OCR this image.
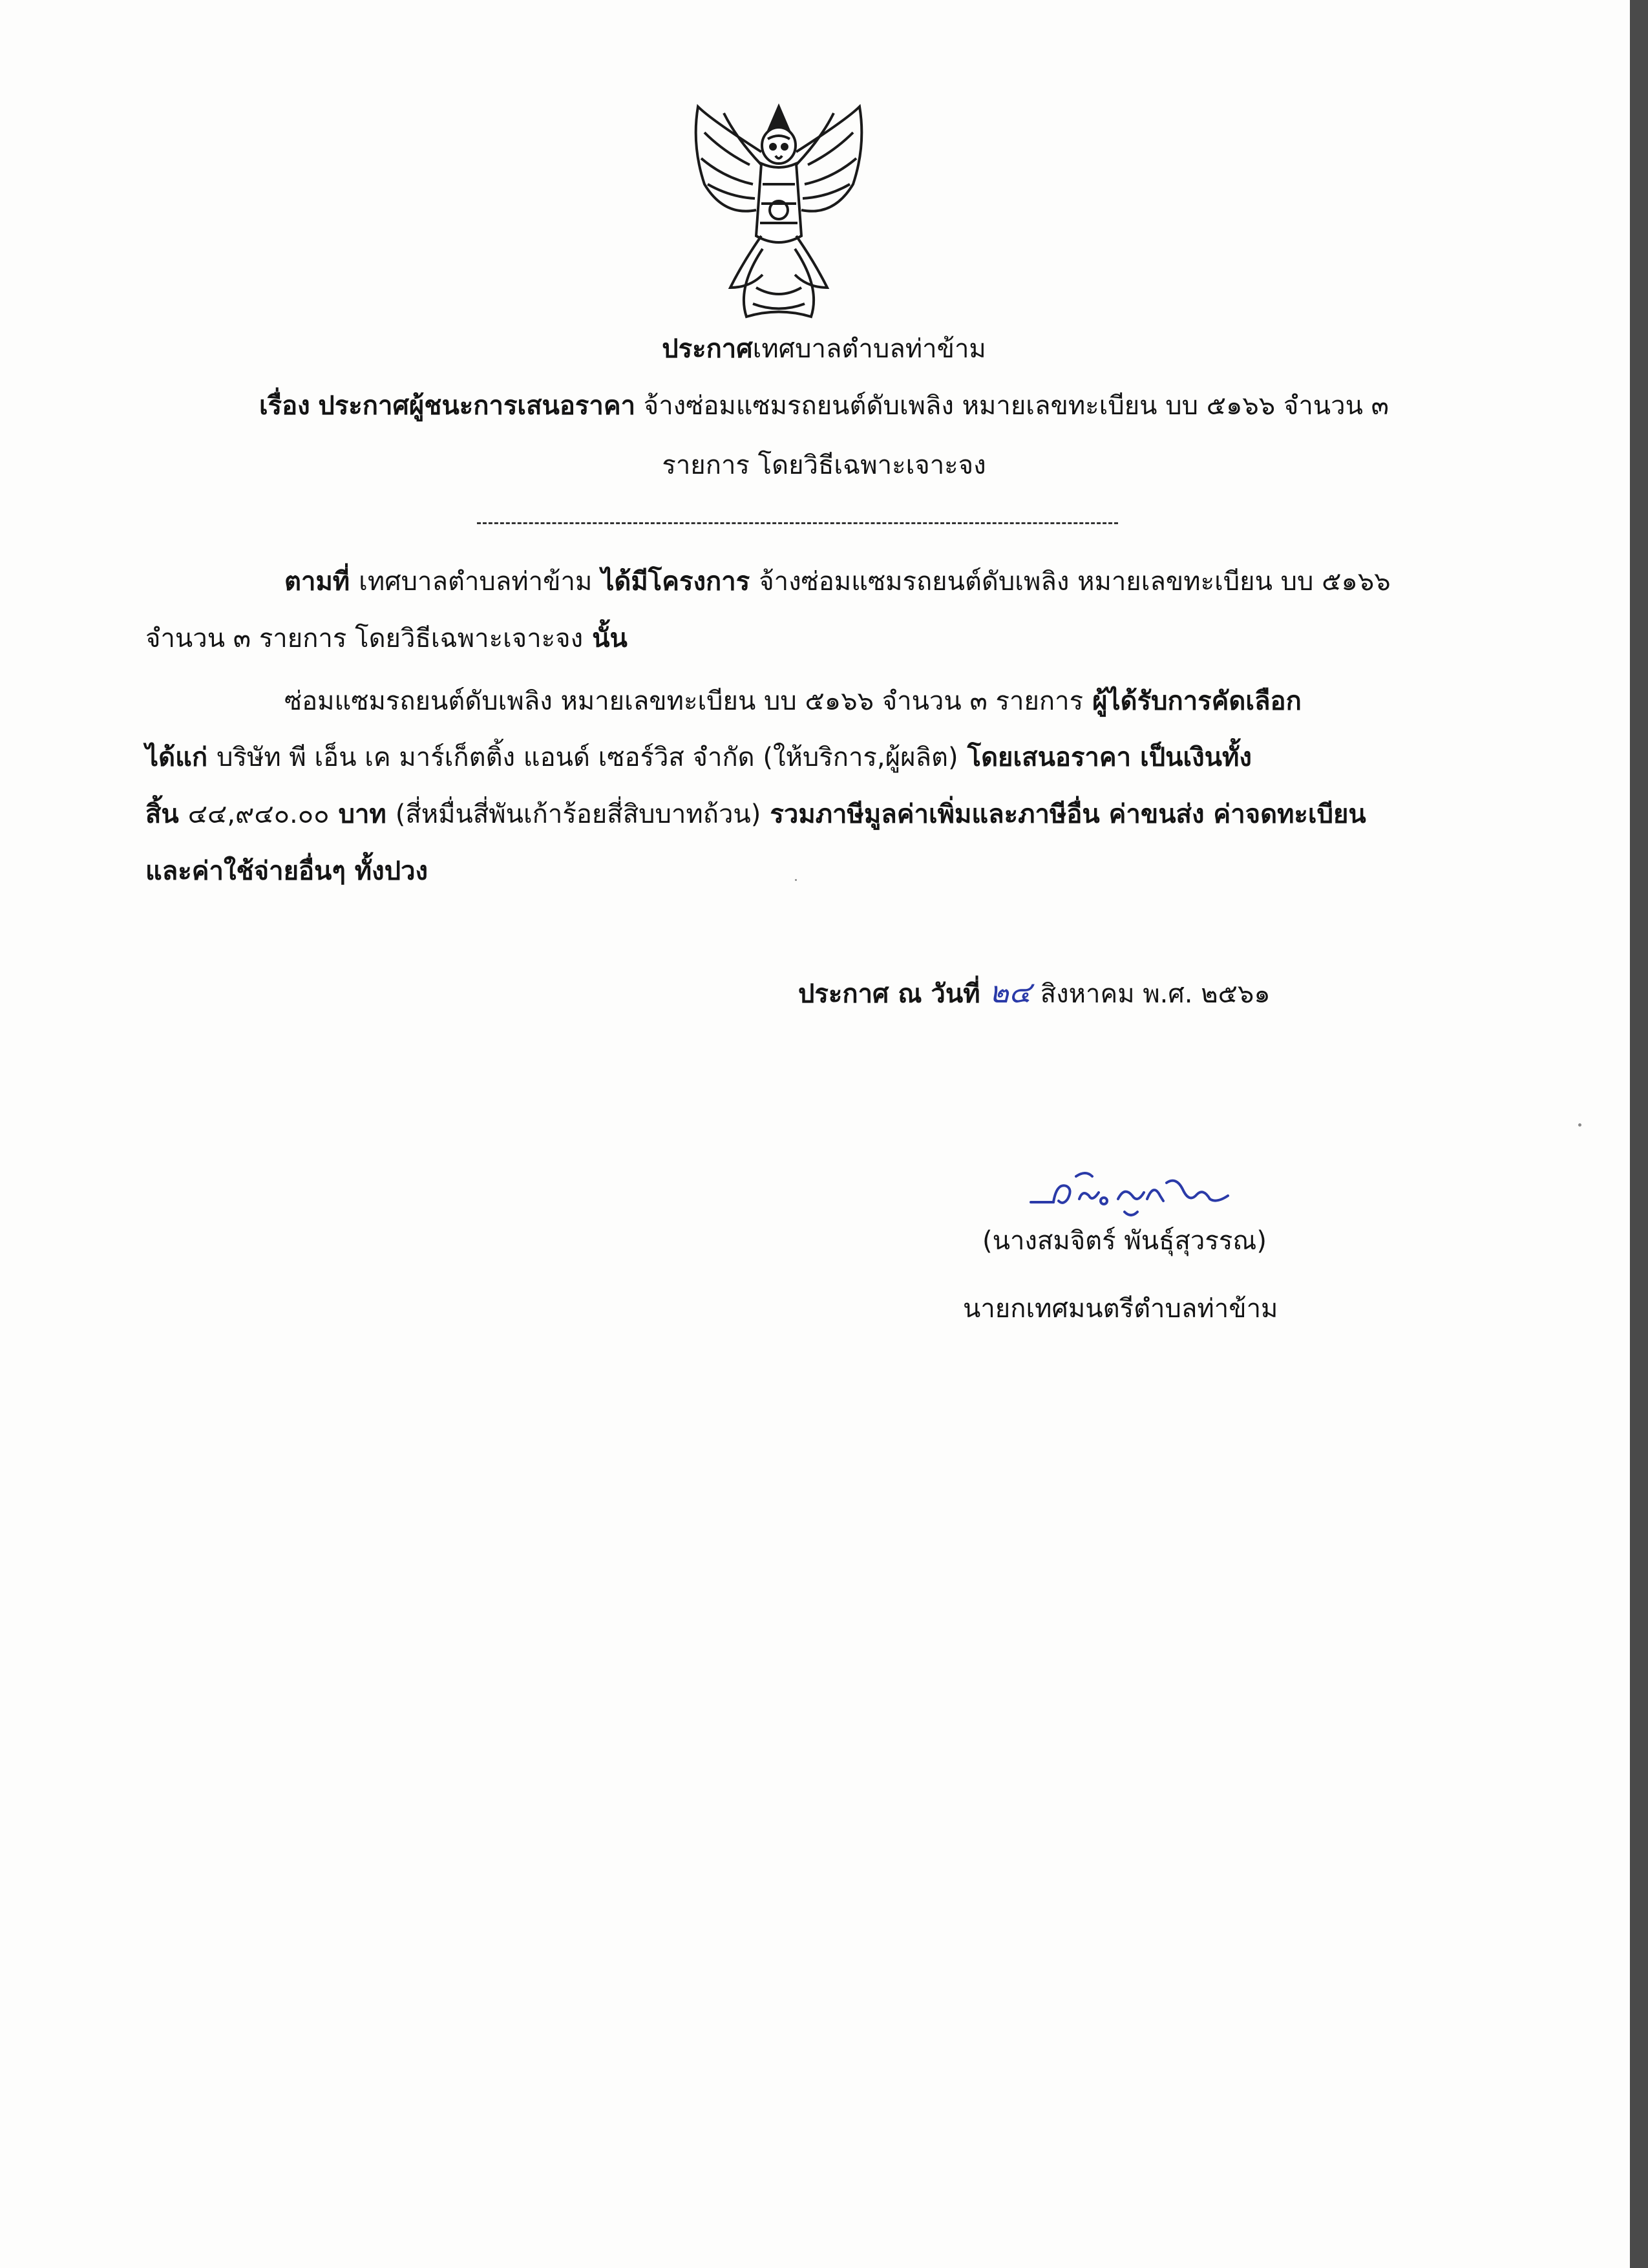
ประกาศเทศบาลตำบลท่าข้าม
เรื่อง ประกาศผู้ชนะการเสนอราคา จ้างซ่อมแซมรถยนต์ดับเพลิง หมายเลขทะเบียน บบ ๕๑๖๖ จำนวน ๓
รายการ โดยวิธีเฉพาะเจาะจง
ตามที่ เทศบาลตำบลท่าข้าม ได้มีโครงการ จ้างซ่อมแซมรถยนต์ดับเพลิง หมายเลขทะเบียน บบ ๕๑๖๖
จำนวน ๓ รายการ โดยวิธีเฉพาะเจาะจง นั้น
ซ่อมแซมรถยนต์ดับเพลิง หมายเลขทะเบียน บบ ๕๑๖๖ จำนวน ๓ รายการ ผู้ได้รับการคัดเลือก
ได้แก่ บริษัท พี เอ็น เค มาร์เก็ตติ้ง แอนด์ เซอร์วิส จำกัด (ให้บริการ,ผู้ผลิต) โดยเสนอราคา เป็นเงินทั้ง
สิ้น ๔๔,๙๔๐.๐๐ บาท (สี่หมื่นสี่พันเก้าร้อยสี่สิบบาทถ้วน) รวมภาษีมูลค่าเพิ่มและภาษีอื่น ค่าขนส่ง ค่าจดทะเบียน
และค่าใช้จ่ายอื่นๆ ทั้งปวง
ประกาศ ณ วันที่ ๒๔ สิงหาคม พ.ศ. ๒๕๖๑
(นางสมจิตร์ พันธุ์สุวรรณ)
นายกเทศมนตรีตำบลท่าข้าม
